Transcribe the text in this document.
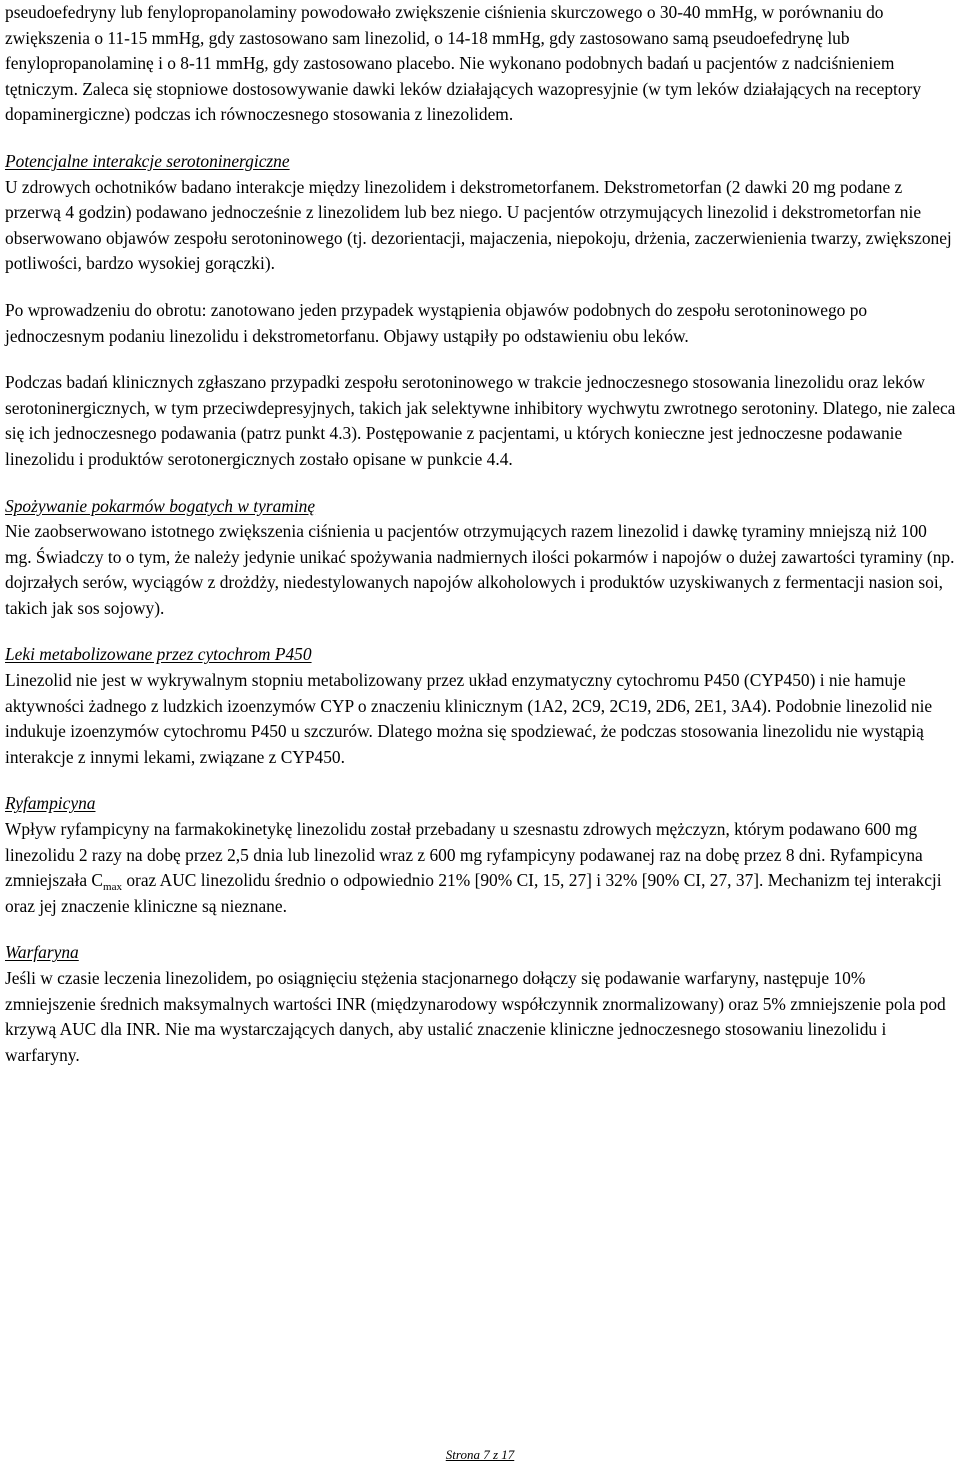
pseudoefedryny lub fenylopropanolaminy powodowało zwiększenie ciśnienia skurczowego o 30-40 mmHg, w porównaniu do zwiększenia o 11-15 mmHg, gdy zastosowano sam linezolid, o 14-18 mmHg, gdy zastosowano samą pseudoefedrynę lub fenylopropanolaminę i o 8-11 mmHg, gdy zastosowano placebo. Nie wykonano podobnych badań u pacjentów z nadciśnieniem tętniczym. Zaleca się stopniowe dostosowywanie dawki leków działających wazopresyjnie (w tym leków działających na receptory dopaminergiczne) podczas ich równoczesnego stosowania z linezolidem.

Potencjalne interakcje serotoninergiczne

U zdrowych ochotników badano interakcje między linezolidem i dekstrometorfanem. Dekstrometorfan (2 dawki 20 mg podane z przerwą 4 godzin) podawano jednocześnie z linezolidem lub bez niego. U pacjentów otrzymujących linezolid i dekstrometorfan nie obserwowano objawów zespołu serotoninowego (tj. dezorientacji, majaczenia, niepokoju, drżenia, zaczerwienienia twarzy, zwiększonej potliwości, bardzo wysokiej gorączki).

Po wprowadzeniu do obrotu: zanotowano jeden przypadek wystąpienia objawów podobnych do zespołu serotoninowego po jednoczesnym podaniu linezolidu i dekstrometorfanu. Objawy ustąpiły po odstawieniu obu leków.

Podczas badań klinicznych zgłaszano przypadki zespołu serotoninowego w trakcie jednoczesnego stosowania linezolidu oraz leków serotoninergicznych, w tym przeciwdepresyjnych, takich jak selektywne inhibitory wychwytu zwrotnego serotoniny. Dlatego, nie zaleca się ich jednoczesnego podawania (patrz punkt 4.3). Postępowanie z pacjentami, u których konieczne jest jednoczesne podawanie linezolidu i produktów serotonergicznych zostało opisane w punkcie 4.4.

Spożywanie pokarmów bogatych w tyraminę

Nie zaobserwowano istotnego zwiększenia ciśnienia u pacjentów otrzymujących razem linezolid i dawkę tyraminy mniejszą niż 100 mg. Świadczy to o tym, że należy jedynie unikać spożywania nadmiernych ilości pokarmów i napojów o dużej zawartości tyraminy (np. dojrzałych serów, wyciągów z drożdży, niedestylowanych napojów alkoholowych i produktów uzyskiwanych z fermentacji nasion soi, takich jak sos sojowy).

Leki metabolizowane przez cytochrom P450

Linezolid nie jest w wykrywalnym stopniu metabolizowany przez układ enzymatyczny cytochromu P450 (CYP450) i nie hamuje aktywności żadnego z ludzkich izoenzymów CYP o znaczeniu klinicznym (1A2, 2C9, 2C19, 2D6, 2E1, 3A4). Podobnie linezolid nie indukuje izoenzymów cytochromu P450 u szczurów. Dlatego można się spodziewać, że podczas stosowania linezolidu nie wystąpią interakcje z innymi lekami, związane z CYP450.

Ryfampicyna

Wpływ ryfampicyny na farmakokinetykę linezolidu został przebadany u szesnastu zdrowych mężczyzn, którym podawano 600 mg linezolidu 2 razy na dobę przez 2,5 dnia lub linezolid wraz z 600 mg ryfampicyny podawanej raz na dobę przez 8 dni. Ryfampicyna zmniejszała $C_{max}$ oraz AUC linezolidu średnio o odpowiednio 21% [90% CI, 15, 27] i 32% [90% CI, 27, 37]. Mechanizm tej interakcji oraz jej znaczenie kliniczne są nieznane.

Warfaryna

Jeśli w czasie leczenia linezolidem, po osiągnięciu stężenia stacjonarnego dołączy się podawanie warfaryny, następuje 10% zmniejszenie średnich maksymalnych wartości INR (międzynarodowy współczynnik znormalizowany) oraz 5% zmniejszenie pola pod krzywą AUC dla INR. Nie ma wystarczających danych, aby ustalić znaczenie kliniczne jednoczesnego stosowaniu linezolidu i warfaryny.

Strona 7 z 17
